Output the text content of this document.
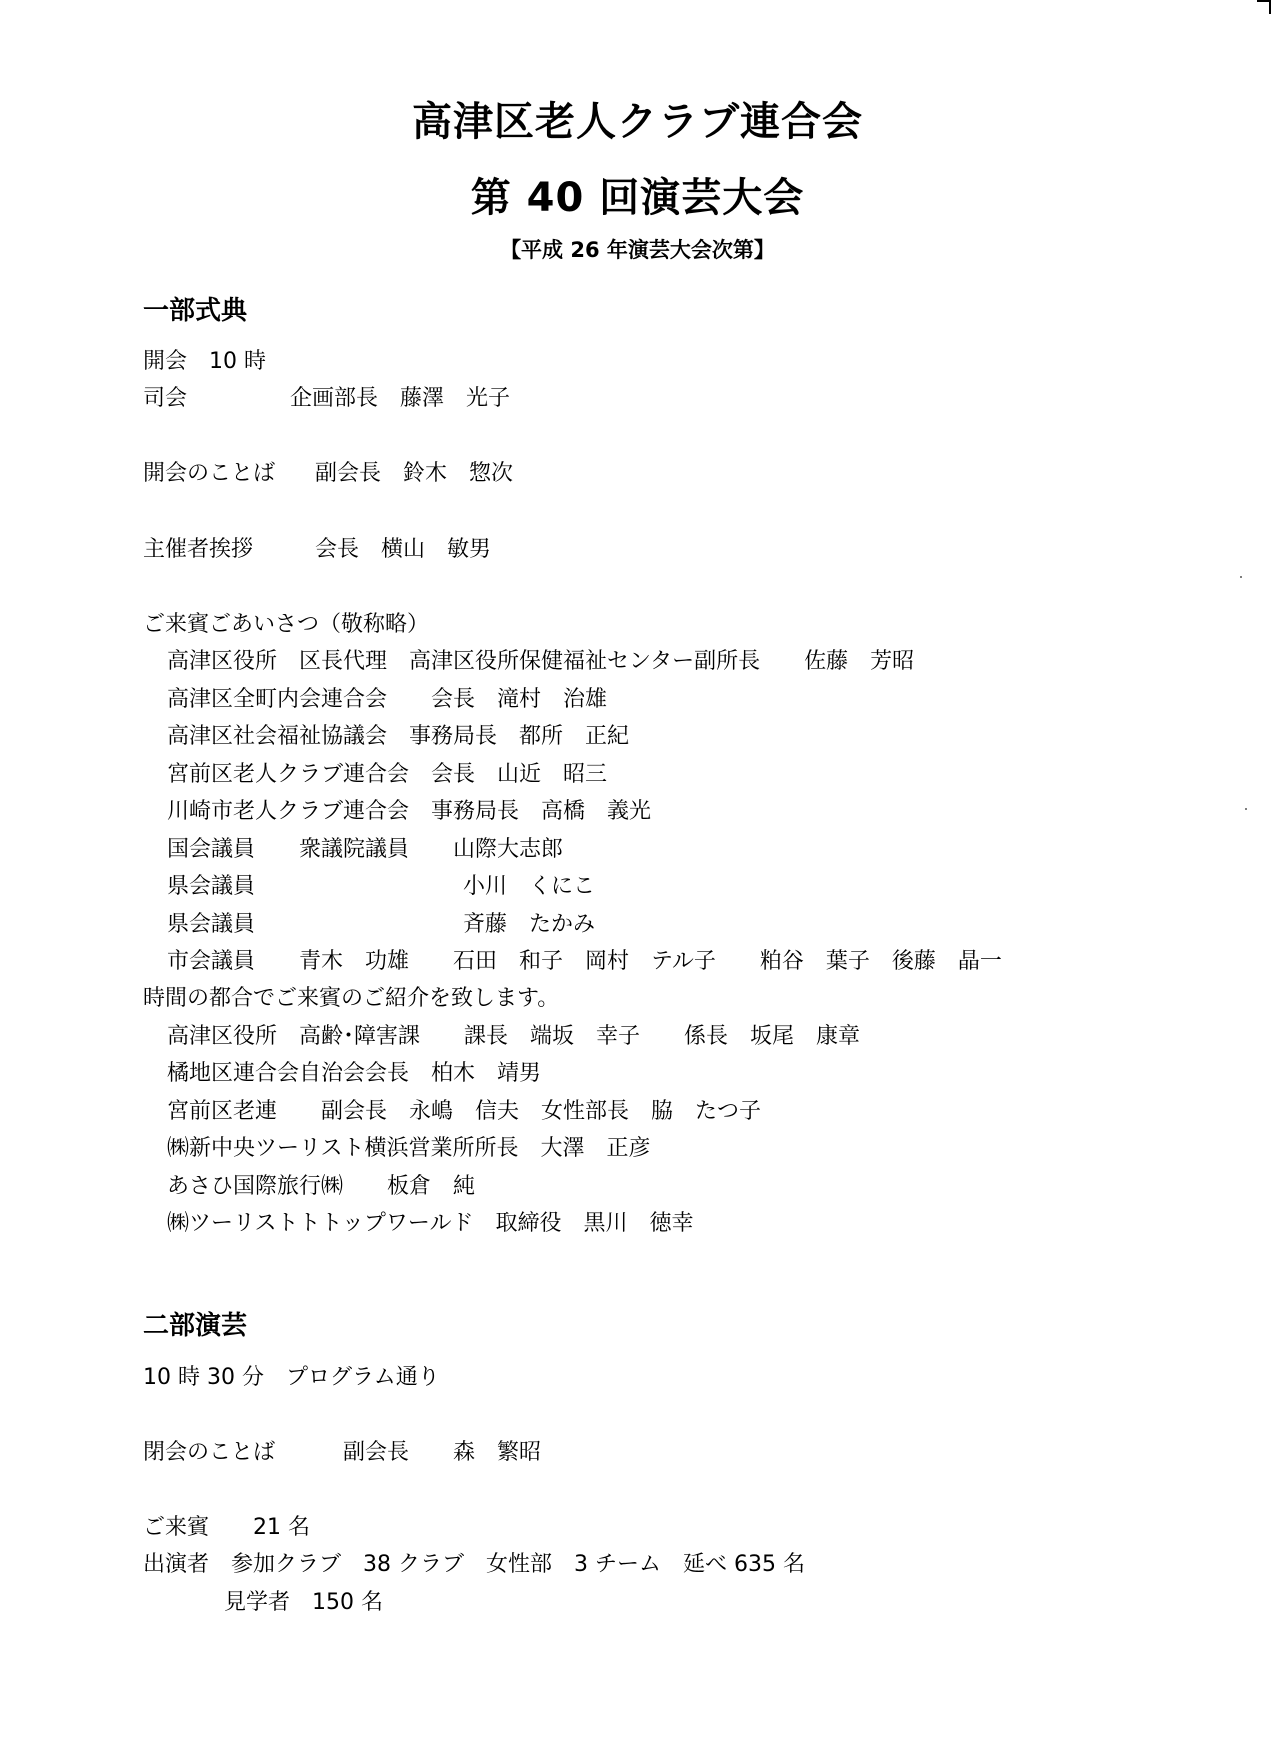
高津区老人クラブ連合会
第 40 回演芸大会
【平成 26 年演芸大会次第】
一部式典
開会　10 時
司会	企画部長　藤澤　光子
開会のことば 副会長　鈴木　惣次
主催者挨拶	会長　横山　敏男
ご来賓ごあいさつ（敬称略）
高津区役所　区長代理　高津区役所保健福祉センター副所長　　佐藤　芳昭
高津区全町内会連合会　　会長　滝村　治雄
高津区社会福祉協議会　事務局長　都所　正紀
宮前区老人クラブ連合会　会長　山近　昭三
川崎市老人クラブ連合会　事務局長　高橋　義光
国会議員　　衆議院議員　　山際大志郎
県会議員	小川　くにこ
県会議員	斉藤　たかみ
市会議員　　青木　功雄　　石田　和子　岡村　テル子　　粕谷　葉子　後藤　晶一
時間の都合でご来賓のご紹介を致します。
高津区役所　高齢･障害課　　課長　端坂　幸子　　係長　坂尾　康章
橘地区連合会自治会会長　柏木　靖男
宮前区老連　　副会長　永嶋　信夫　女性部長　脇　たつ子
㈱新中央ツーリスト横浜営業所所長　大澤　正彦
あさひ国際旅行㈱　　板倉　純
㈱ツーリストトトップワールド　取締役　黒川　徳幸
二部演芸
10 時 30 分　プログラム通り
閉会のことば	副会長　　森　繁昭
ご来賓　　21 名
出演者　参加クラブ　38 クラブ　女性部　3 チーム　延べ 635 名
見学者　150 名
